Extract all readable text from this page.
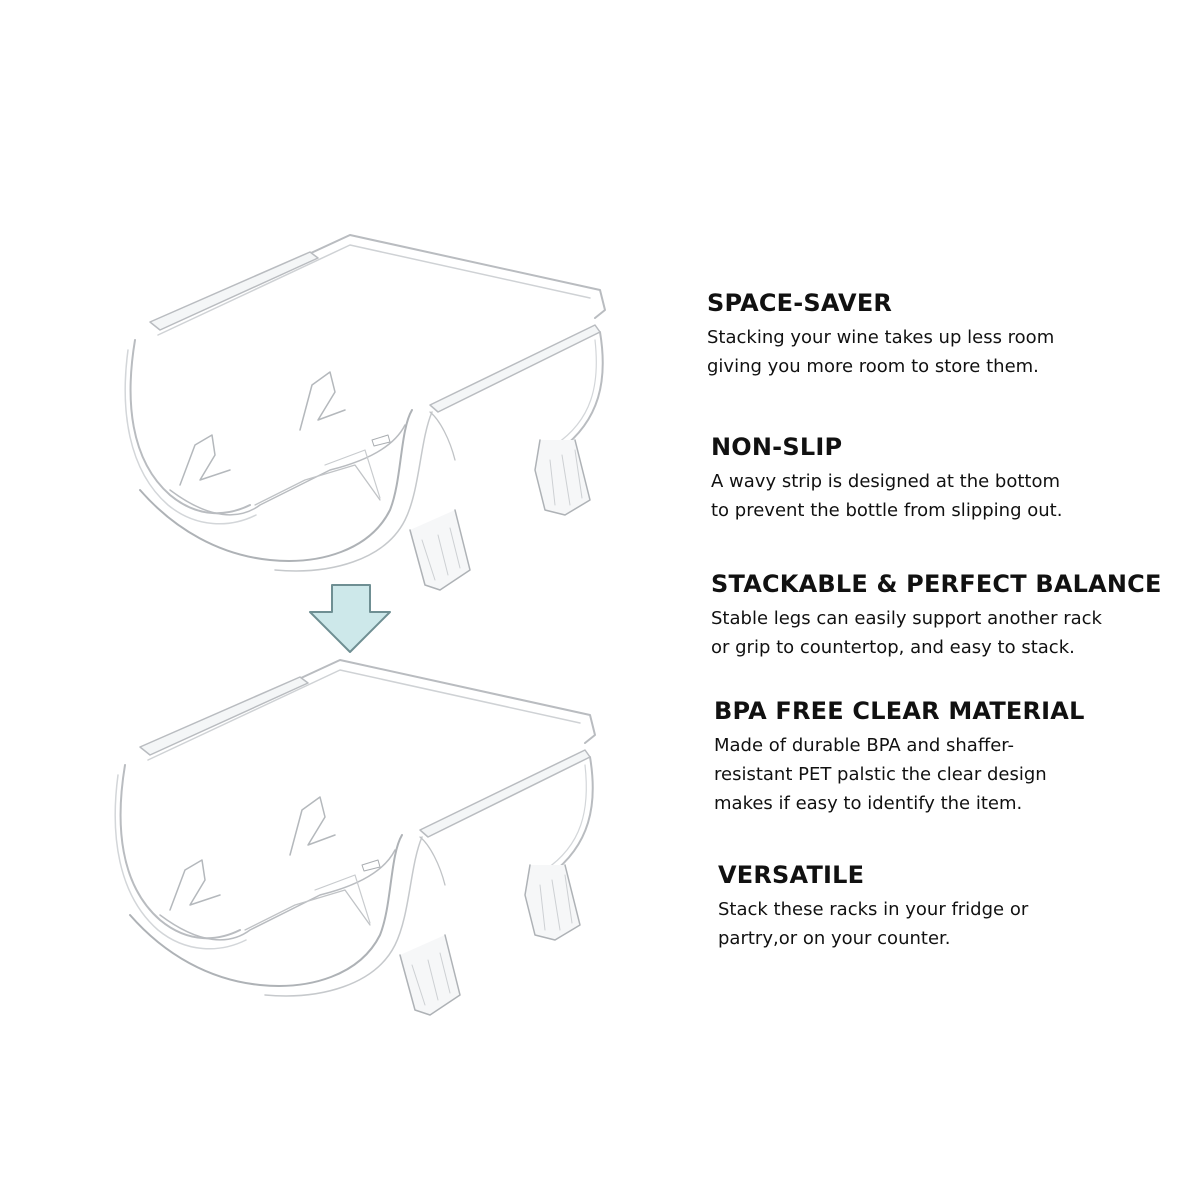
SPACE-SAVER

Stacking your wine takes up less room

giving you more room to store them.

NON-SLIP

A wavy strip is designed at the bottom

to prevent the bottle from slipping out.

STACKABLE & PERFECT BALANCE

Stable legs can easily support another rack

or grip to countertop, and easy to stack.

BPA FREE CLEAR MATERIAL

Made of durable BPA and shaffer-

resistant PET palstic the clear design

makes if easy to identify the item.

VERSATILE

Stack these racks in your fridge or

partry,or on your counter.
